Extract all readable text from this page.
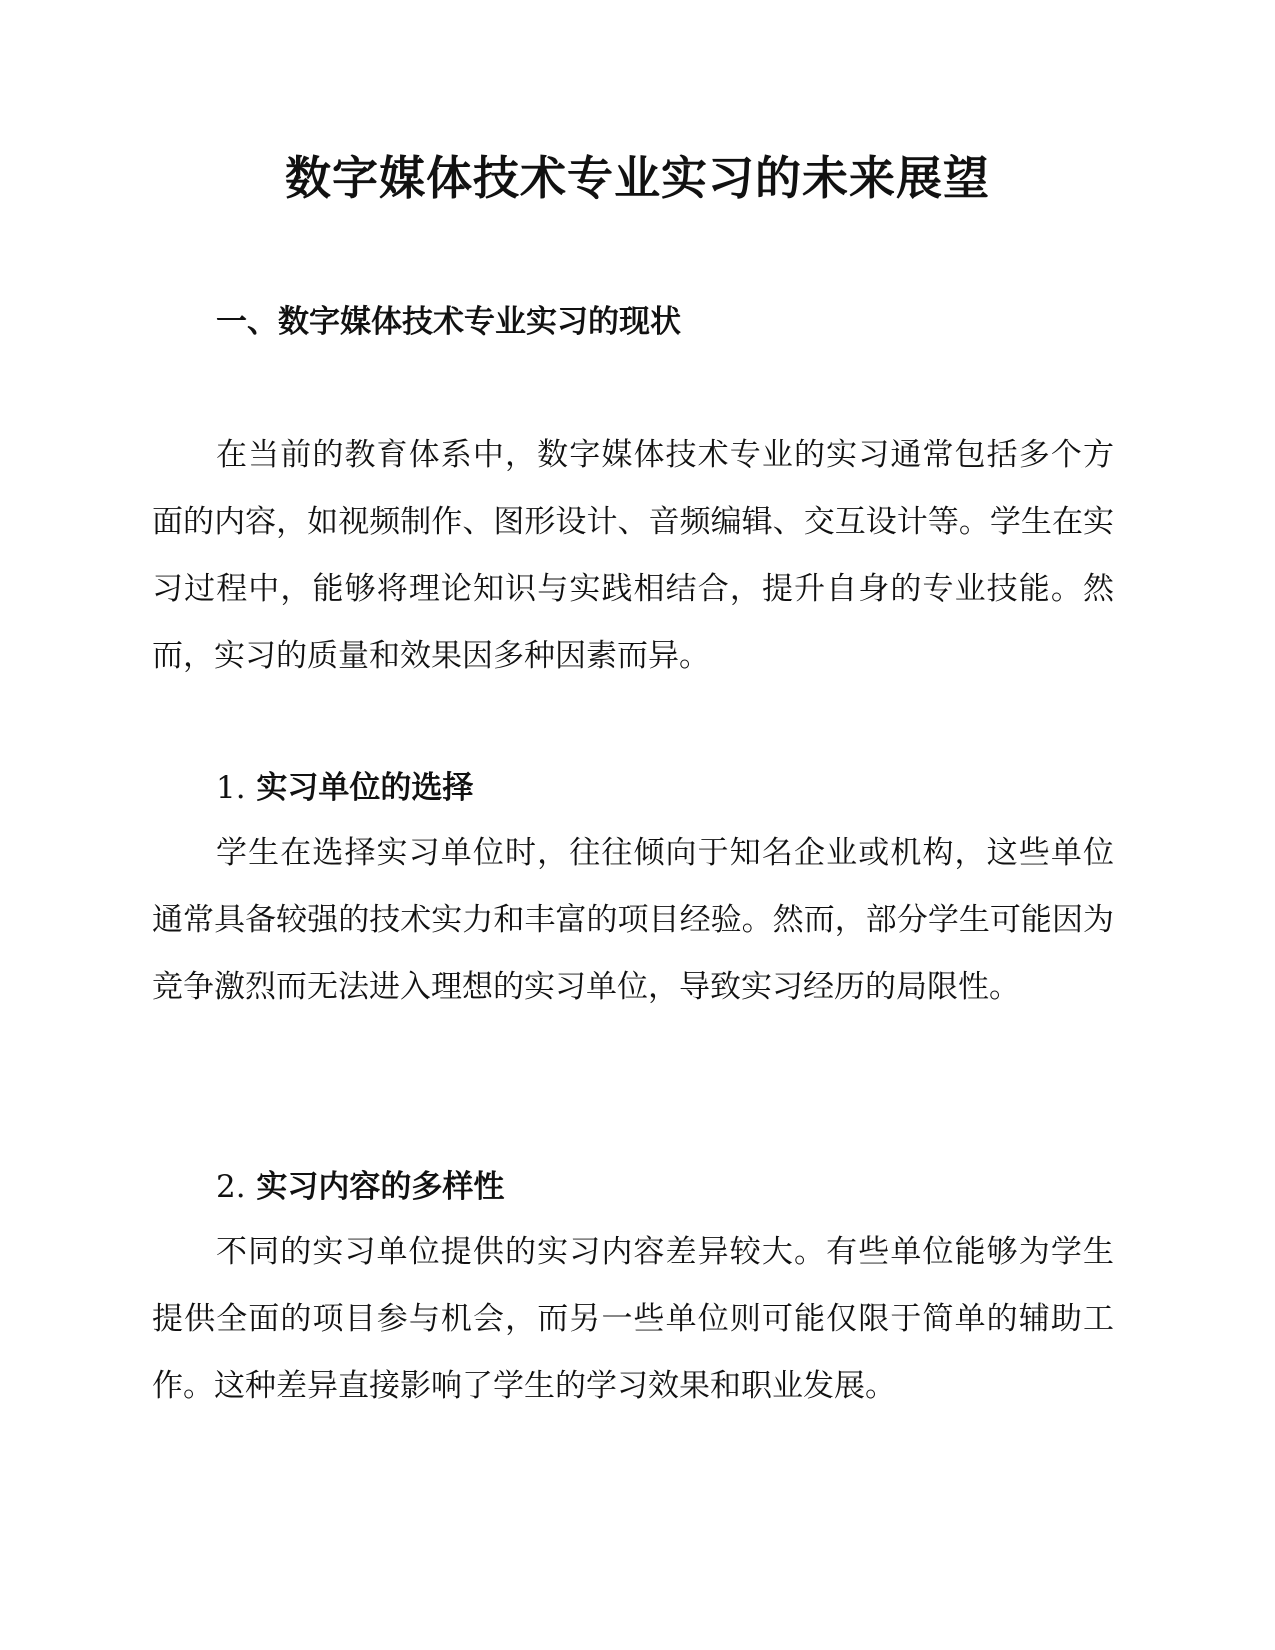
数字媒体技术专业实习的未来展望
一、数字媒体技术专业实习的现状

在当前的教育体系中，数字媒体技术专业的实习通常包括多个方面的内容，如视频制作、图形设计、音频编辑、交互设计等。学生在实习过程中，能够将理论知识与实践相结合，提升自身的专业技能。然而，实习的质量和效果因多种因素而异。

1. 实习单位的选择

学生在选择实习单位时，往往倾向于知名企业或机构，这些单位通常具备较强的技术实力和丰富的项目经验。然而，部分学生可能因为竞争激烈而无法进入理想的实习单位，导致实习经历的局限性。

2. 实习内容的多样性

不同的实习单位提供的实习内容差异较大。有些单位能够为学生提供全面的项目参与机会，而另一些单位则可能仅限于简单的辅助工作。这种差异直接影响了学生的学习效果和职业发展。
